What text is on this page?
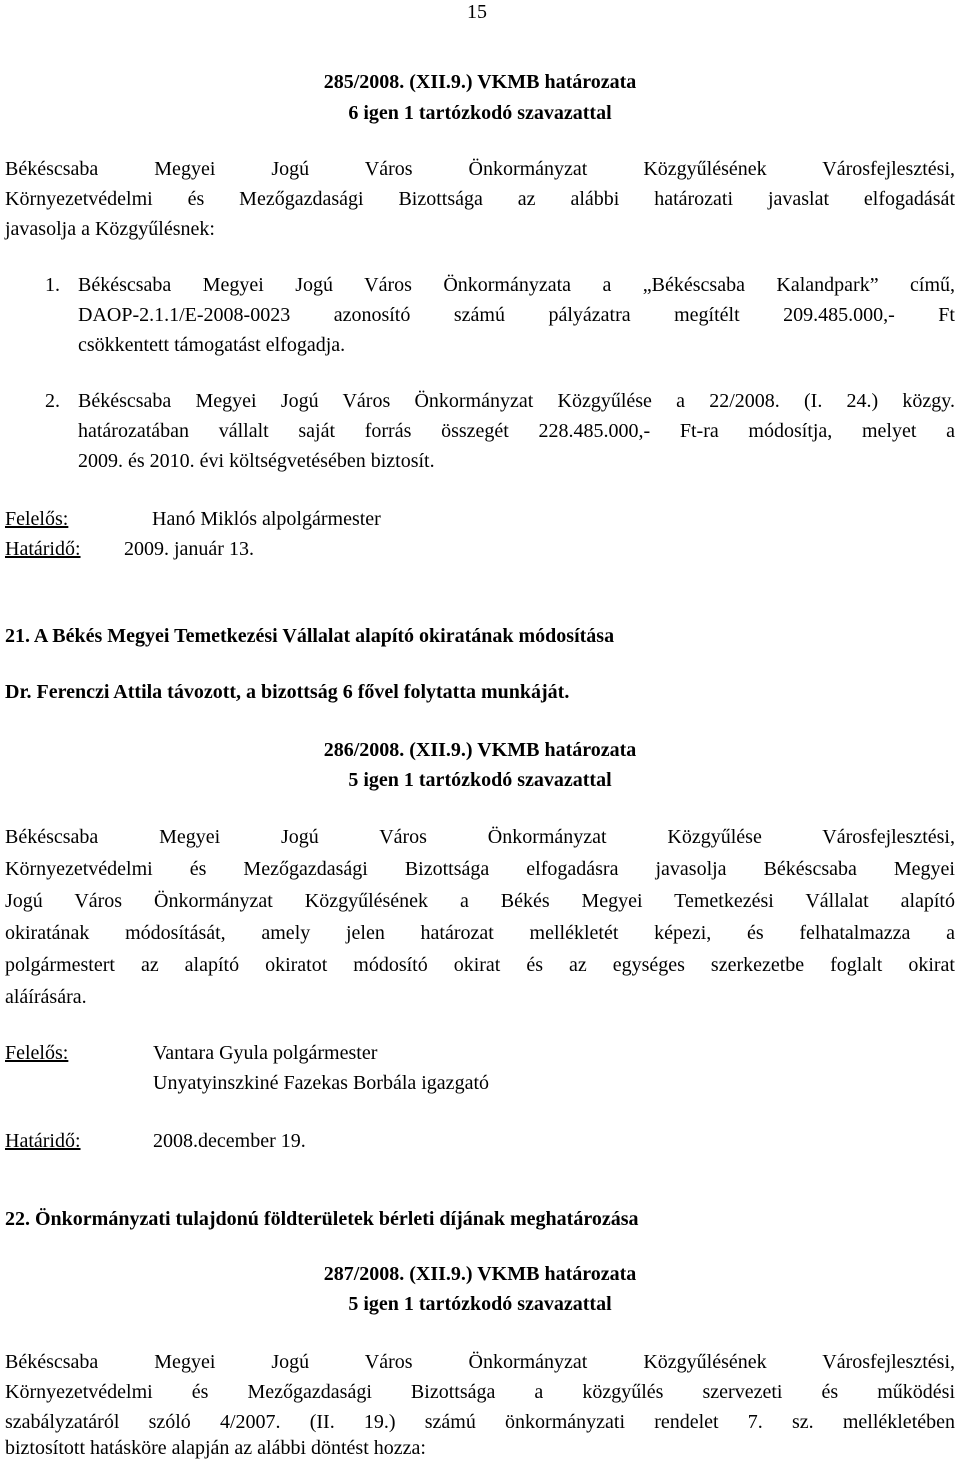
15
285/2008. (XII.9.) VKMB határozata
6 igen 1 tartózkodó szavazattal
Békéscsaba Megyei Jogú Város Önkormányzat Közgyűlésének Városfejlesztési,
Környezetvédelmi és Mezőgazdasági Bizottsága az alábbi határozati javaslat elfogadását
javasolja a Közgyűlésnek:
1. Békéscsaba Megyei Jogú Város Önkormányzata a „Békéscsaba Kalandpark” című,
DAOP-2.1.1/E-2008-0023 azonosító számú pályázatra megítélt 209.485.000,- Ft
csökkentett támogatást elfogadja.
2. Békéscsaba Megyei Jogú Város Önkormányzat Közgyűlése a 22/2008. (I. 24.) közgy.
határozatában vállalt saját forrás összegét 228.485.000,- Ft-ra módosítja, melyet a
2009. és 2010. évi költségvetésében biztosít.
Felelős:	Hanó Miklós alpolgármester
Határidő: 2009. január 13.
21. A Békés Megyei Temetkezési Vállalat alapító okiratának módosítása
Dr. Ferenczi Attila távozott, a bizottság 6 fővel folytatta munkáját.
286/2008. (XII.9.) VKMB határozata
5 igen 1 tartózkodó szavazattal
Békéscsaba Megyei Jogú Város Önkormányzat Közgyűlése Városfejlesztési,
Környezetvédelmi és Mezőgazdasági Bizottsága elfogadásra javasolja Békéscsaba Megyei
Jogú Város Önkormányzat Közgyűlésének a Békés Megyei Temetkezési Vállalat alapító
okiratának módosítását, amely jelen határozat mellékletét képezi, és felhatalmazza a
polgármestert az alapító okiratot módosító okirat és az egységes szerkezetbe foglalt okirat
aláírására.
Felelős:	Vantara Gyula polgármester
Unyatyinszkiné Fazekas Borbála igazgató
Határidő:	2008.december 19.
22. Önkormányzati tulajdonú földterületek bérleti díjának meghatározása
287/2008. (XII.9.) VKMB határozata
5 igen 1 tartózkodó szavazattal
Békéscsaba Megyei Jogú Város Önkormányzat Közgyűlésének Városfejlesztési,
Környezetvédelmi és Mezőgazdasági Bizottsága a közgyűlés szervezeti és működési
szabályzatáról szóló 4/2007. (II. 19.) számú önkormányzati rendelet 7. sz. mellékletében
biztosított hatásköre alapján az alábbi döntést hozza:
